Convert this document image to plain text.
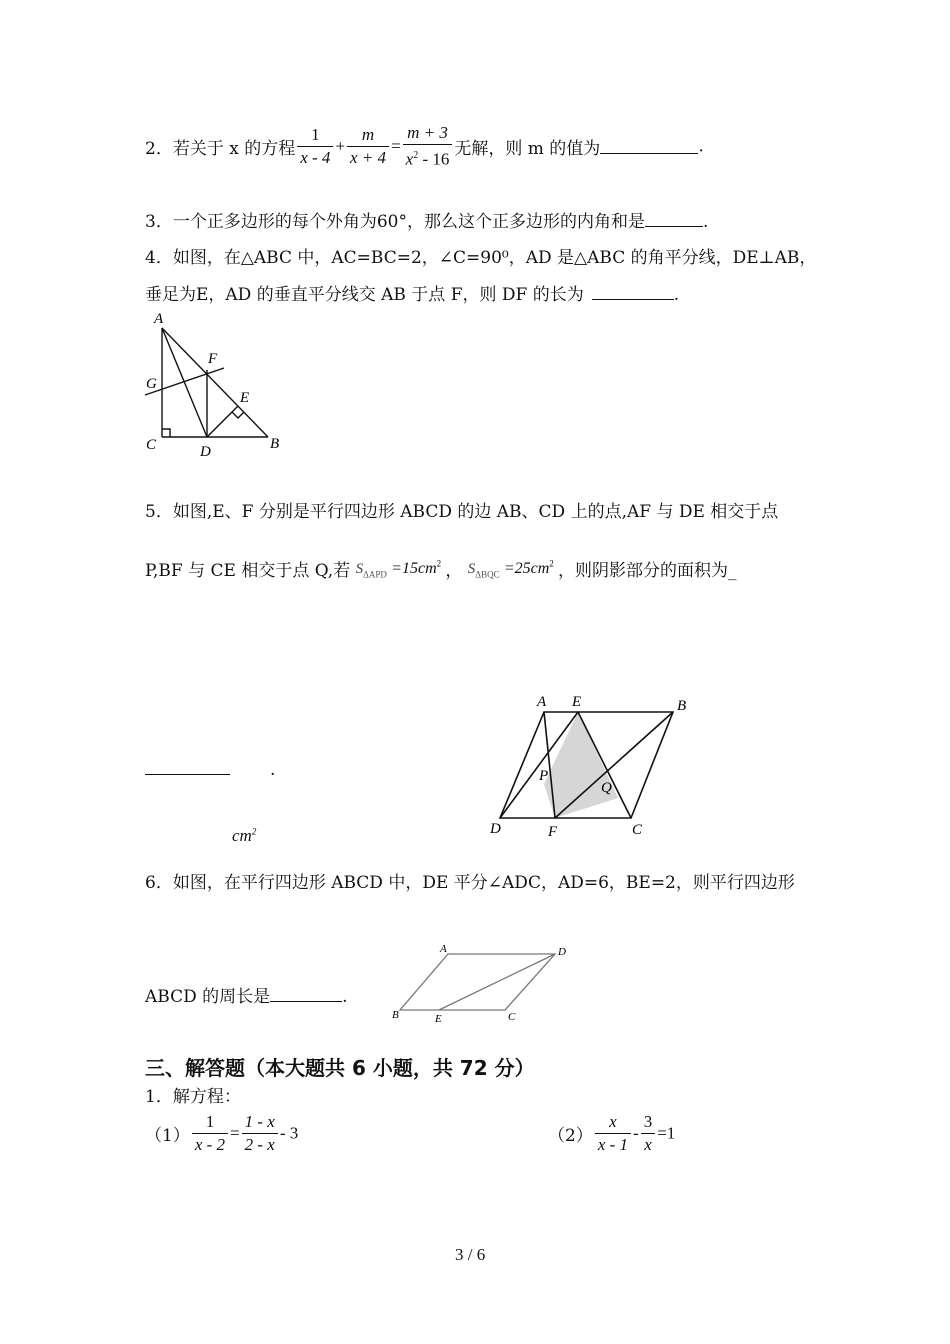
2．若关于 x 的方程 $\frac{1}{x - 4} + \frac{m}{x + 4} = \frac{m + 3}{x^2 - 16}$ 无解，则 m 的值为	.
3．一个正多边形的每个外角为60°，那么这个正多边形的内角和是	.
4．如图，在△ABC 中，AC=BC=2，∠C=90⁰，AD 是△ABC 的角平分线，DE⊥AB，
垂足为E，AD 的垂直平分线交 AB 于点 F，则 DF 的长为	.
A
F
G
E
C	D	B
5．如图,E、F 分别是平行四边形 ABCD 的边 AB、CD 上的点,AF 与 DE 相交于点
P,BF 与 CE 相交于点 Q,若 $S_{\Delta APD} =15cm^2$ ， $S_{\Delta BQC} =25cm^2$ ，则阴影部分的面积为_
.
$cm^2$
A E	B
P
Q
D	F	C
6．如图，在平行四边形 ABCD 中，DE 平分∠ADC，AD=6，BE=2，则平行四边形
ABCD 的周长是	.
A	D
B	E	C
三、解答题（本大题共 6 小题，共 72 分）
1．解方程：
$(1) \frac{1}{x - 2} = \frac{1 - x}{2 - x} - 3$	$(2) \frac{x}{x - 1} - \frac{3}{x} =1$
3 / 6
